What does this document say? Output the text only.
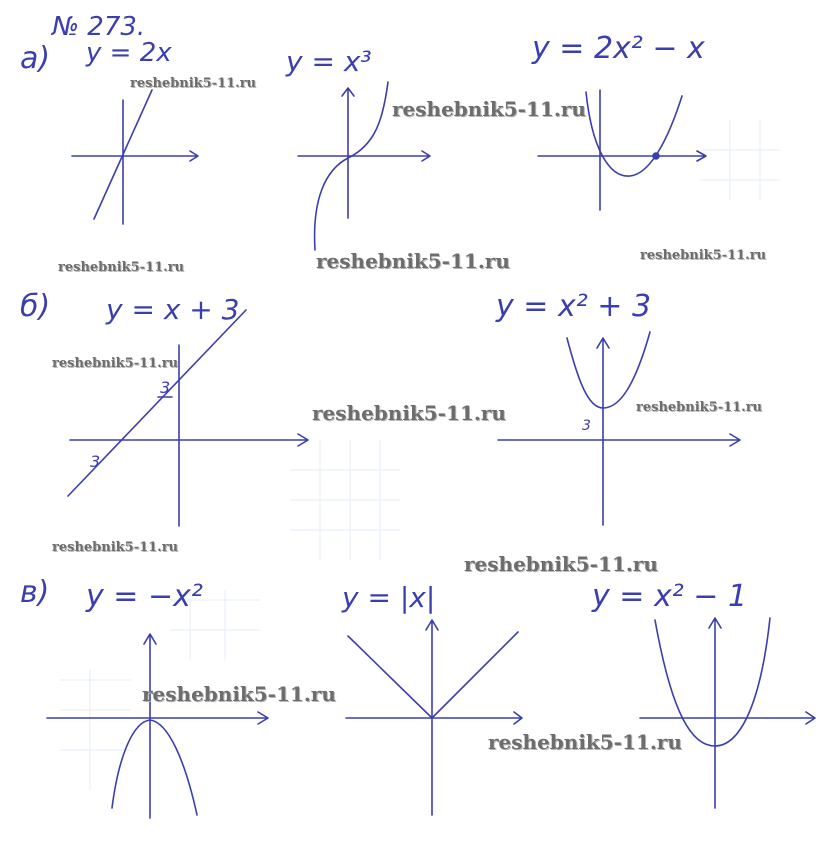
№ 273.
а) y = 2x	y = x³	y = 2x² − x
б) y = x + 3
3
3
y = x² + 3
3
в) y = −x²	y = |x|	y = x² − 1
reshebnik5-11.ru
reshebnik5-11.ru
reshebnik5-11.ru
reshebnik5-11.ru
reshebnik5-11.ru
reshebnik5-11.ru
reshebnik5-11.ru	reshebnik5-11.ru
reshebnik5-11.ru
reshebnik5-11.ru
reshebnik5-11.ru
reshebnik5-11.ru
